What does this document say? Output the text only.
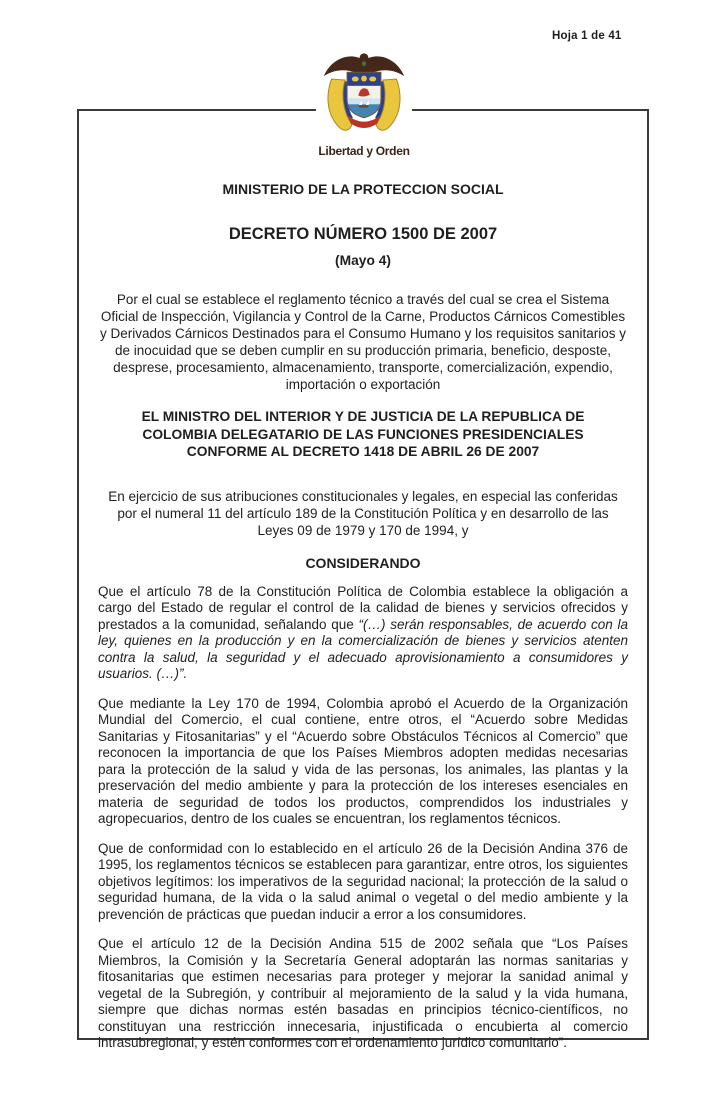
Hoja 1 de 41
Libertad y Orden
MINISTERIO DE LA PROTECCION SOCIAL
DECRETO NÚMERO 1500 DE 2007
(Mayo 4)

Por el cual se establece el reglamento técnico a través del cual se crea el Sistema Oficial de Inspección, Vigilancia y Control de la Carne, Productos Cárnicos Comestibles y Derivados Cárnicos Destinados para el Consumo Humano y los requisitos sanitarios y de inocuidad que se deben cumplir en su producción primaria, beneficio, desposte, desprese, procesamiento, almacenamiento, transporte, comercialización, expendio, importación o exportación

EL MINISTRO DEL INTERIOR Y DE JUSTICIA DE LA REPUBLICA DE COLOMBIA DELEGATARIO DE LAS FUNCIONES PRESIDENCIALES CONFORME AL DECRETO 1418 DE ABRIL 26 DE 2007

En ejercicio de sus atribuciones constitucionales y legales, en especial las conferidas por el numeral 11 del artículo 189 de la Constitución Política y en desarrollo de las Leyes 09 de 1979 y 170 de 1994, y

CONSIDERANDO

Que el artículo 78 de la Constitución Política de Colombia establece la obligación a cargo del Estado de regular el control de la calidad de bienes y servicios ofrecidos y prestados a la comunidad, señalando que “(…) serán responsables, de acuerdo con la ley, quienes en la producción y en la comercialización de bienes y servicios atenten contra la salud, la seguridad y el adecuado aprovisionamiento a consumidores y usuarios. (…)”.

Que mediante la Ley 170 de 1994, Colombia aprobó el Acuerdo de la Organización Mundial del Comercio, el cual contiene, entre otros, el “Acuerdo sobre Medidas Sanitarias y Fitosanitarias” y el “Acuerdo sobre Obstáculos Técnicos al Comercio” que reconocen la importancia de que los Países Miembros adopten medidas necesarias para la protección de la salud y vida de las personas, los animales, las plantas y la preservación del medio ambiente y para la protección de los intereses esenciales en materia de seguridad de todos los productos, comprendidos los industriales y agropecuarios, dentro de los cuales se encuentran, los reglamentos técnicos.

Que de conformidad con lo establecido en el artículo 26 de la Decisión Andina 376 de 1995, los reglamentos técnicos se establecen para garantizar, entre otros, los siguientes objetivos legítimos: los imperativos de la seguridad nacional; la protección de la salud o seguridad humana, de la vida o la salud animal o vegetal o del medio ambiente y la prevención de prácticas que puedan inducir a error a los consumidores.

Que el artículo 12 de la Decisión Andina 515 de 2002 señala que “Los Países Miembros, la Comisión y la Secretaría General adoptarán las normas sanitarias y fitosanitarias que estimen necesarias para proteger y mejorar la sanidad animal y vegetal de la Subregión, y contribuir al mejoramiento de la salud y la vida humana, siempre que dichas normas estén basadas en principios técnico-científicos, no constituyan una restricción innecesaria, injustificada o encubierta al comercio intrasubregional, y estén conformes con el ordenamiento jurídico comunitario”.
